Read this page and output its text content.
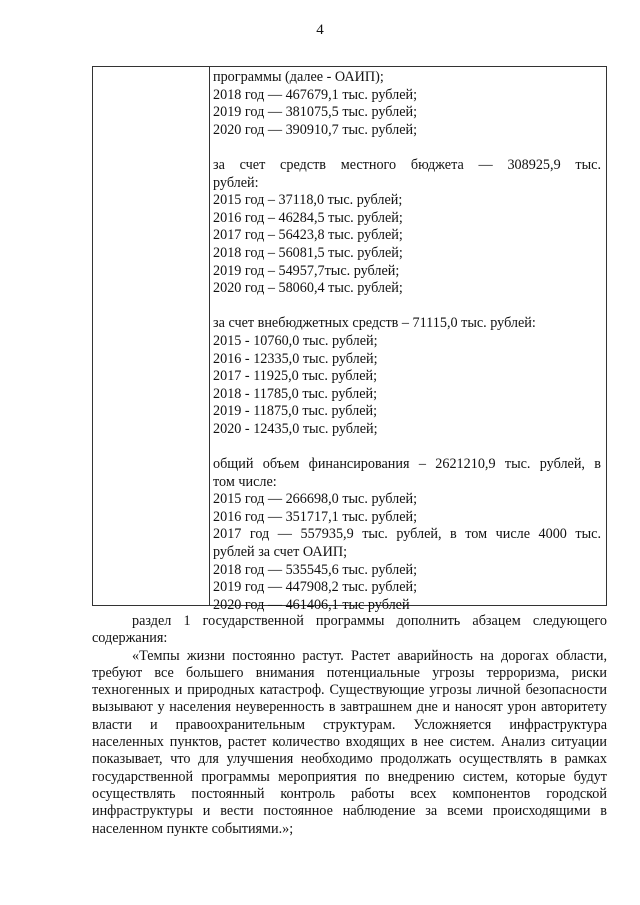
4
программы (далее - ОАИП);
2018 год — 467679,1 тыс. рублей;
2019 год — 381075,5 тыс. рублей;
2020 год — 390910,7 тыс. рублей;
за счет средств местного бюджета — 308925,9 тыс.
рублей:
2015 год – 37118,0 тыс. рублей;
2016 год – 46284,5 тыс. рублей;
2017 год – 56423,8 тыс. рублей;
2018 год – 56081,5 тыс. рублей;
2019 год – 54957,7тыс. рублей;
2020 год – 58060,4 тыс. рублей;
за счет внебюджетных средств – 71115,0 тыс. рублей:
2015 - 10760,0 тыс. рублей;
2016 - 12335,0 тыс. рублей;
2017 - 11925,0 тыс. рублей;
2018 - 11785,0 тыс. рублей;
2019 - 11875,0 тыс. рублей;
2020 - 12435,0 тыс. рублей;
общий объем финансирования – 2621210,9 тыс. рублей, в
том числе:
2015 год — 266698,0 тыс. рублей;
2016 год — 351717,1 тыс. рублей;
2017 год — 557935,9 тыс. рублей, в том числе 4000 тыс.
рублей за счет ОАИП;
2018 год — 535545,6 тыс. рублей;
2019 год — 447908,2 тыс. рублей;
2020 год — 461406,1 тыс рублей

раздел 1 государственной программы дополнить абзацем следующего содержания:

«Темпы жизни постоянно растут. Растет аварийность на дорогах области, требуют все большего внимания потенциальные угрозы терроризма, риски техногенных и природных катастроф. Существующие угрозы личной безопасности вызывают у населения неуверенность в завтрашнем дне и наносят урон авторитету власти и правоохранительным структурам. Усложняется инфраструктура населенных пунктов, растет количество входящих в нее систем. Анализ ситуации показывает, что для улучшения необходимо продолжать осуществлять в рамках государственной программы мероприятия по внедрению систем, которые будут осуществлять постоянный контроль работы всех компонентов городской инфраструктуры и вести постоянное наблюдение за всеми происходящими в населенном пункте событиями.»;
